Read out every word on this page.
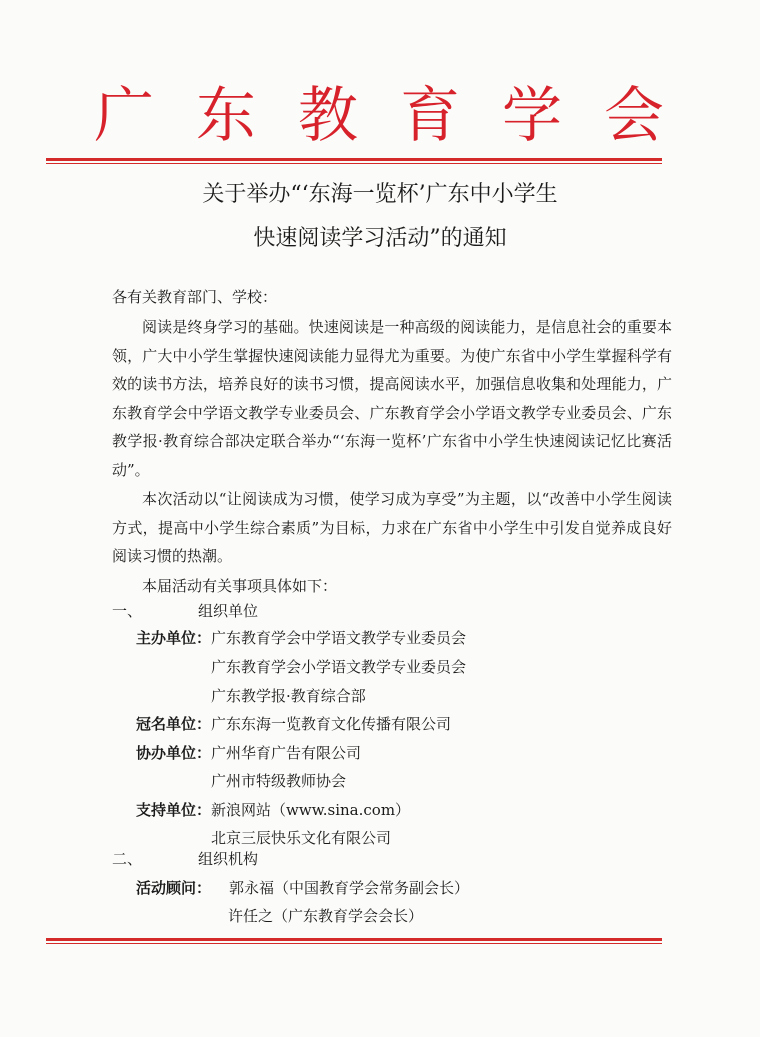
广东教育学会
关于举办“‘东海一览杯’广东中小学生
快速阅读学习活动”的通知
各有关教育部门、学校：

阅读是终身学习的基础。快速阅读是一种高级的阅读能力，是信息社会的重要本领，广大中小学生掌握快速阅读能力显得尤为重要。为使广东省中小学生掌握科学有效的读书方法，培养良好的读书习惯，提高阅读水平，加强信息收集和处理能力，广东教育学会中学语文教学专业委员会、广东教育学会小学语文教学专业委员会、广东教学报·教育综合部决定联合举办“‘东海一览杯’广东省中小学生快速阅读记忆比赛活动”。

本次活动以“让阅读成为习惯，使学习成为享受”为主题，以“改善中小学生阅读方式，提高中小学生综合素质”为目标，力求在广东省中小学生中引发自觉养成良好阅读习惯的热潮。

本届活动有关事项具体如下：

一、	组织单位
主办单位：广东教育学会中学语文教学专业委员会
广东教育学会小学语文教学专业委员会
广东教学报·教育综合部
冠名单位：广东东海一览教育文化传播有限公司
协办单位：广州华育广告有限公司
广州市特级教师协会
支持单位：新浪网站（www.sina.com）
北京三辰快乐文化有限公司
二、	组织机构
活动顾问： 郭永福（中国教育学会常务副会长）
许任之（广东教育学会会长）
